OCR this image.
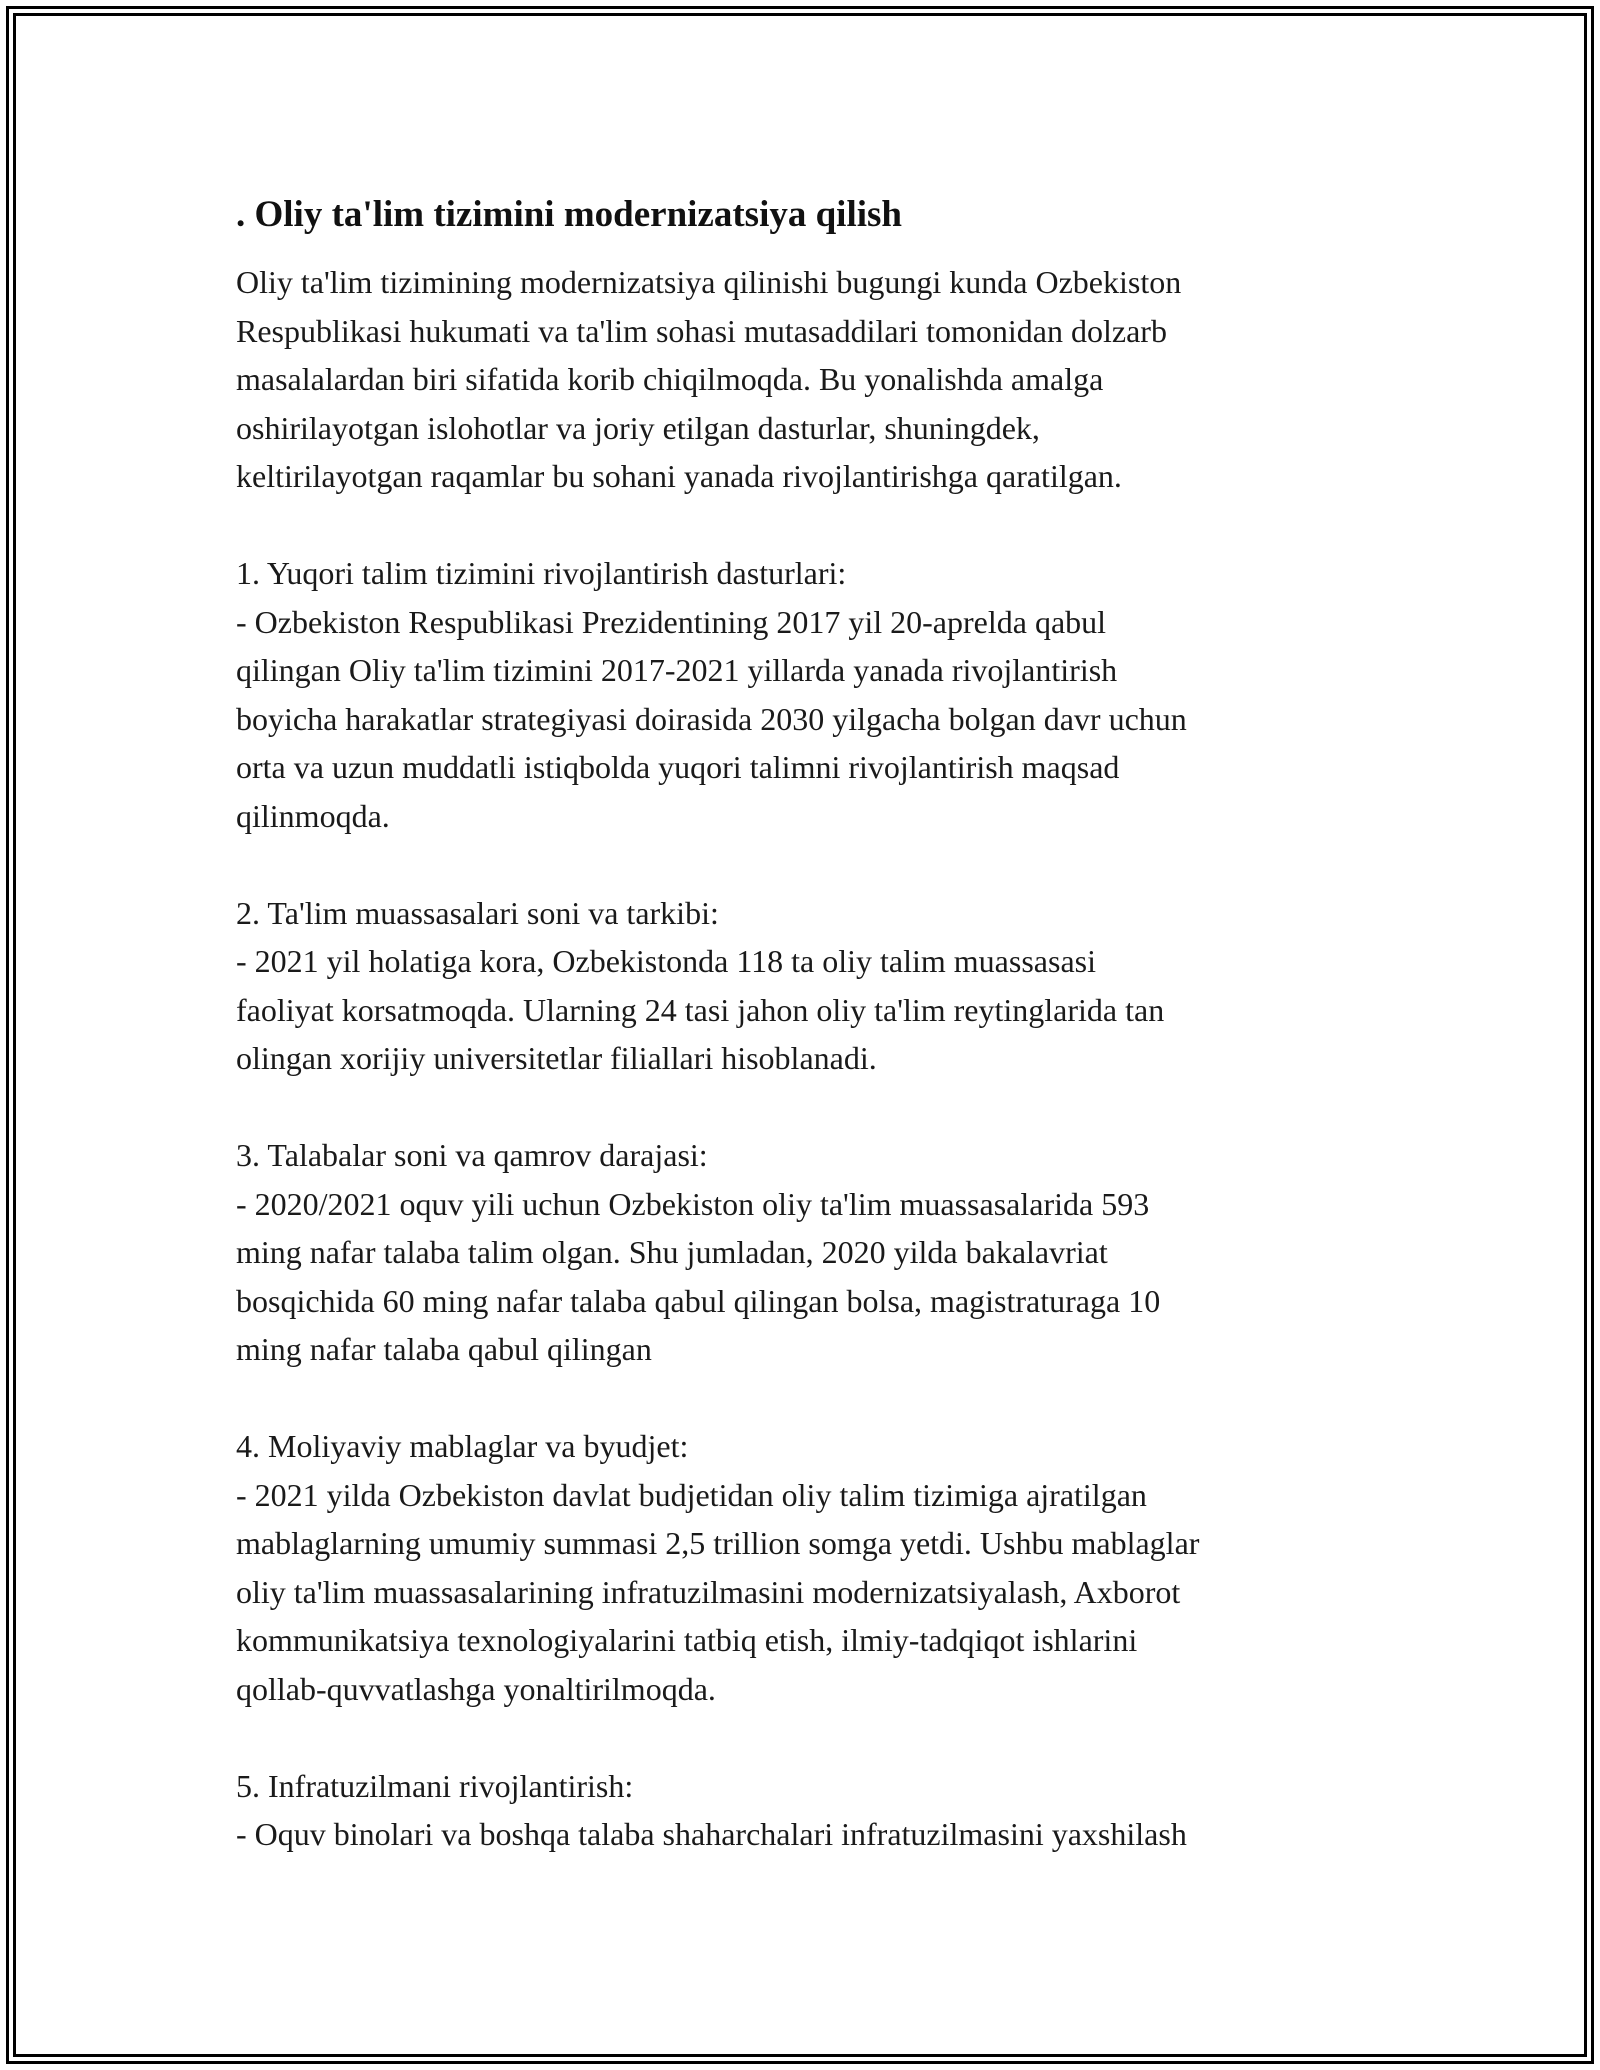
. Oliy ta'lim tizimini modernizatsiya qilish

Oliy ta'lim tizimining modernizatsiya qilinishi bugungi kunda Ozbekiston
Respublikasi hukumati va ta'lim sohasi mutasaddilari tomonidan dolzarb
masalalardan biri sifatida korib chiqilmoqda. Bu yonalishda amalga
oshirilayotgan islohotlar va joriy etilgan dasturlar, shuningdek,
keltirilayotgan raqamlar bu sohani yanada rivojlantirishga qaratilgan.

1. Yuqori talim tizimini rivojlantirish dasturlari:

- Ozbekiston Respublikasi Prezidentining 2017 yil 20-aprelda qabul
qilingan Oliy ta'lim tizimini 2017-2021 yillarda yanada rivojlantirish
boyicha harakatlar strategiyasi doirasida 2030 yilgacha bolgan davr uchun
orta va uzun muddatli istiqbolda yuqori talimni rivojlantirish maqsad
qilinmoqda.

2. Ta'lim muassasalari soni va tarkibi:

- 2021 yil holatiga kora, Ozbekistonda 118 ta oliy talim muassasasi
faoliyat korsatmoqda. Ularning 24 tasi jahon oliy ta'lim reytinglarida tan
olingan xorijiy universitetlar filiallari hisoblanadi.

3. Talabalar soni va qamrov darajasi:

- 2020/2021 oquv yili uchun Ozbekiston oliy ta'lim muassasalarida 593
ming nafar talaba talim olgan. Shu jumladan, 2020 yilda bakalavriat
bosqichida 60 ming nafar talaba qabul qilingan bolsa, magistraturaga 10
ming nafar talaba qabul qilingan

4. Moliyaviy mablaglar va byudjet:

- 2021 yilda Ozbekiston davlat budjetidan oliy talim tizimiga ajratilgan
mablaglarning umumiy summasi 2,5 trillion somga yetdi. Ushbu mablaglar
oliy ta'lim muassasalarining infratuzilmasini modernizatsiyalash, Axborot
kommunikatsiya texnologiyalarini tatbiq etish, ilmiy-tadqiqot ishlarini
qollab-quvvatlashga yonaltirilmoqda.

5. Infratuzilmani rivojlantirish:

- Oquv binolari va boshqa talaba shaharchalari infratuzilmasini yaxshilash
